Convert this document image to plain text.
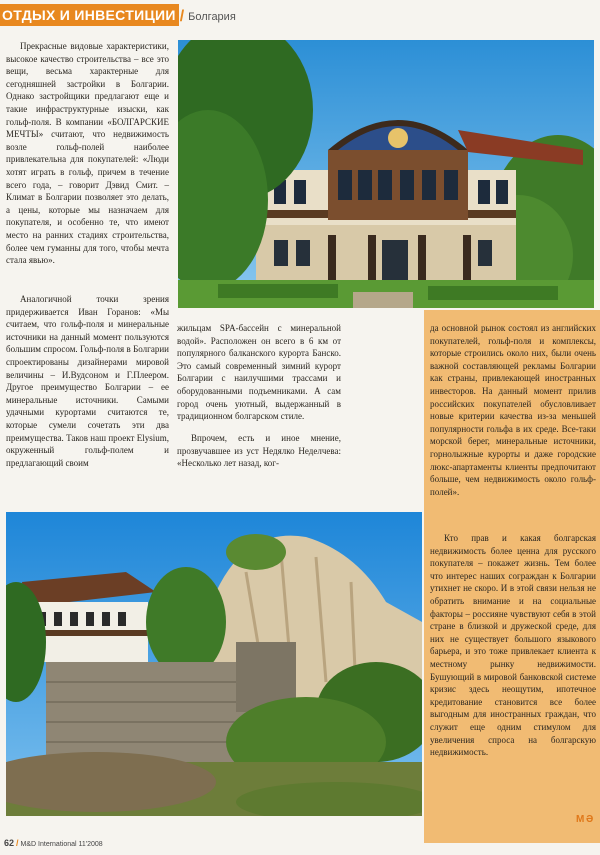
ОТДЫХ И ИНВЕСТИЦИИ / Болгария

Прекрасные видовые характеристики, высокое качество строительства – все это вещи, весьма характерные для сегодняшней застройки в Болгарии. Однако застройщики предлагают еще и такие инфраструктурные изыски, как гольф-поля. В компании «БОЛГАРСКИЕ МЕЧТЫ» считают, что недвижимость возле гольф-полей наиболее привлекательна для покупателей: «Люди хотят играть в гольф, причем в течение всего года, – говорит Дэвид Смит. – Климат в Болгарии позволяет это делать, а цены, которые мы назначаем для покупателя, и особенно те, что имеют место на ранних стадиях строительства, более чем гуманны для того, чтобы мечта стала явью».

Аналогичной точки зрения придерживается Иван Горанов: «Мы считаем, что гольф-поля и минеральные источники на данный момент пользуются большим спросом. Гольф-поля в Болгарии спроектированы дизайнерами мировой величины – И.Вудсоном и Г.Плеером. Другое преимущество Болгарии – ее минеральные источники. Самыми удачными курортами считаются те, которые сумели сочетать эти два преимущества. Таков наш проект Elysium, окруженный гольф-полем и предлагающий своим

жильцам SPA-бассейн с минеральной водой». Расположен он всего в 6 км от популярного балканского курорта Банско. Это самый современный зимний курорт Болгарии с наилучшими трассами и оборудованными подъемниками. А сам город очень уютный, выдержанный в традиционном болгарском стиле.

Впрочем, есть и иное мнение, прозвучавшее из уст Недялко Неделчева: «Несколько лет назад, ког-

да основной рынок состоял из английских покупателей, гольф-поля и комплексы, которые строились около них, были очень важной составляющей рекламы Болгарии как страны, привлекающей иностранных инвесторов. На данный момент прилив российских покупателей обусловливает новые критерии качества из-за меньшей популярности гольфа в их среде. Все-таки морской берег, минеральные источники, горнолыжные курорты и даже городские люкс-апартаменты клиенты предпочитают больше, чем недвижимость около гольф-полей».

Кто прав и какая болгарская недвижимость более ценна для русского покупателя – покажет жизнь. Тем более что интерес наших сограждан к Болгарии утихнет не скоро. И в этой связи нельзя не обратить внимание и на социальные факторы – россияне чувствуют себя в этой стране в близкой и дружеской среде, для них не существует большого языкового барьера, и это тоже привлекает клиента к местному рынку недвижимости. Бушующий в мировой банковской системе кризис здесь неощутим, ипотечное кредитование становится все более выгодным для иностранных граждан, что служит еще одним стимулом для увеличения спроса на болгарскую недвижимость.

M Ə
62 / M&D International 11'2008
